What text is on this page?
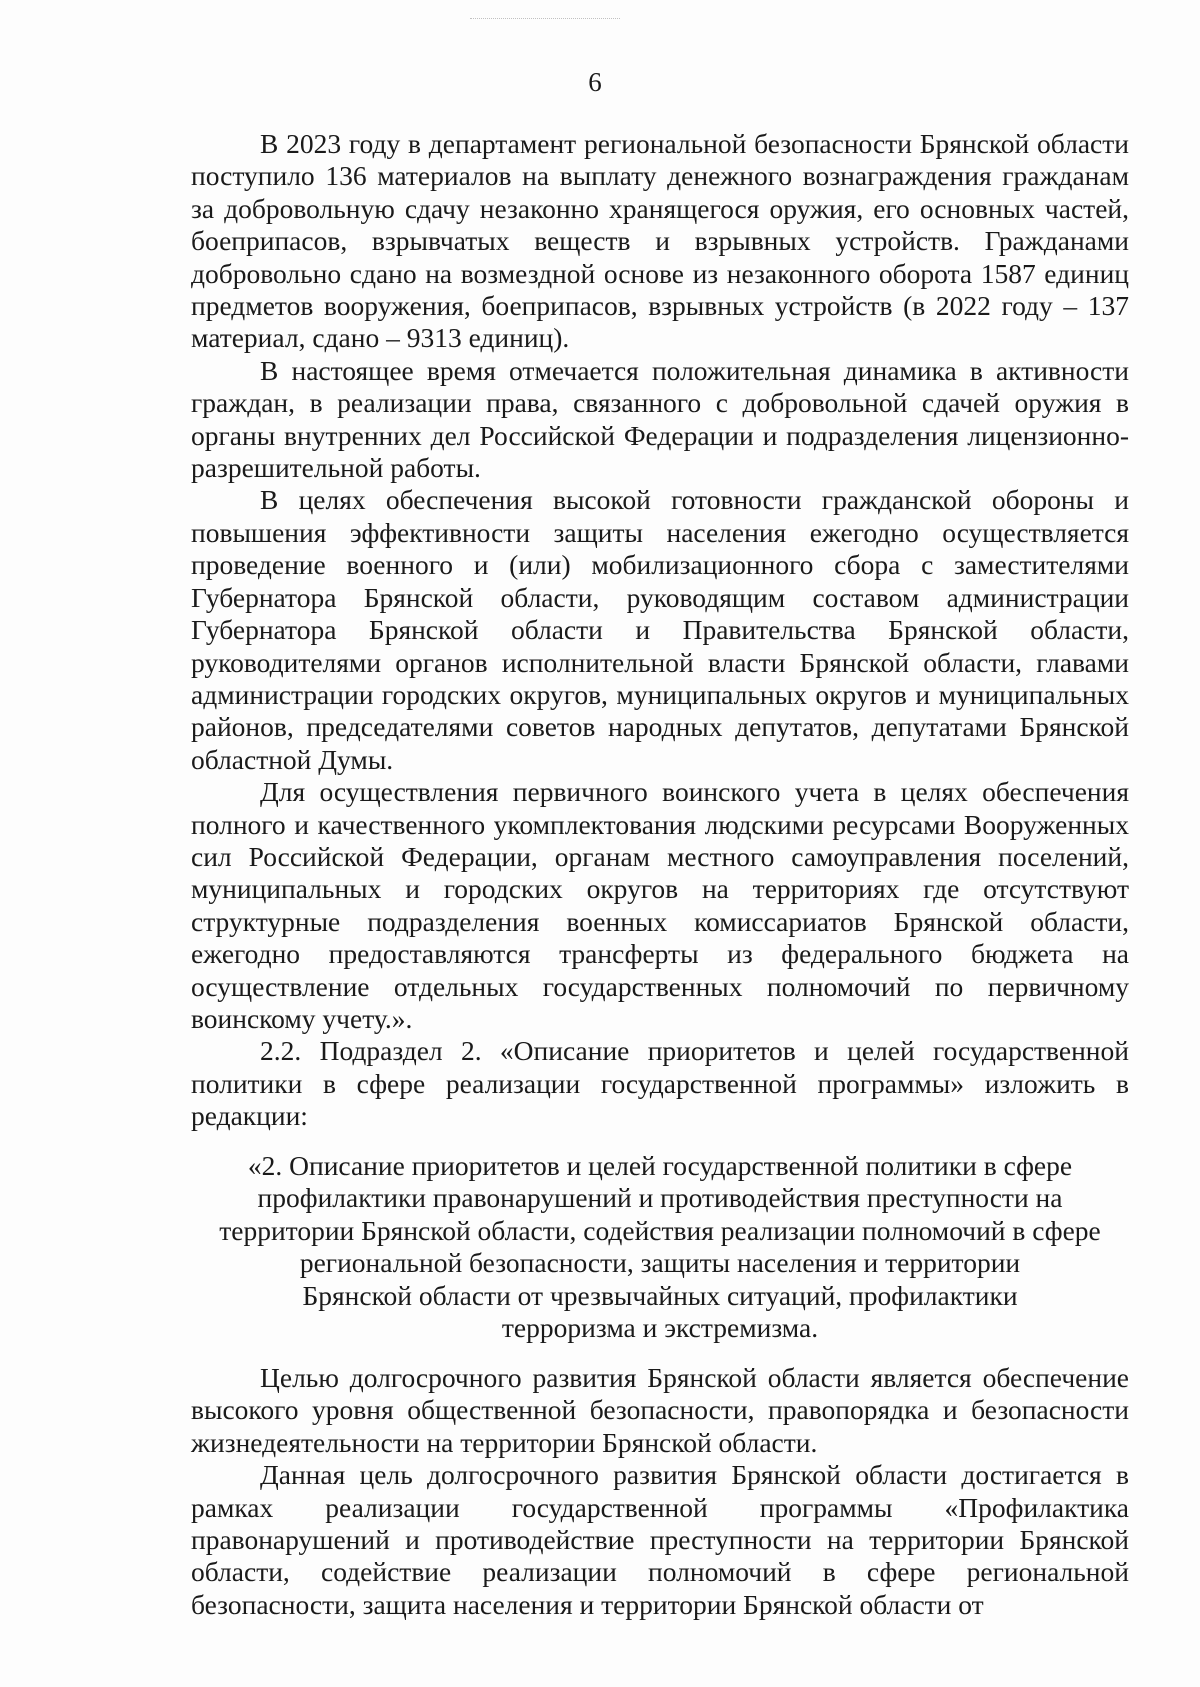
6

В 2023 году в департамент региональной безопасности Брянской области поступило 136 материалов на выплату денежного вознаграждения гражданам за добровольную сдачу незаконно хранящегося оружия, его основных частей, боеприпасов, взрывчатых веществ и взрывных устройств. Гражданами добровольно сдано на возмездной основе из незаконного оборота 1587 единиц предметов вооружения, боеприпасов, взрывных устройств (в 2022 году – 137 материал, сдано – 9313 единиц).

В настоящее время отмечается положительная динамика в активности граждан, в реализации права, связанного с добровольной сдачей оружия в органы внутренних дел Российской Федерации и подразделения лицензионно-разрешительной работы.

В целях обеспечения высокой готовности гражданской обороны и повышения эффективности защиты населения ежегодно осуществляется проведение военного и (или) мобилизационного сбора с заместителями Губернатора Брянской области, руководящим составом администрации Губернатора Брянской области и Правительства Брянской области, руководителями органов исполнительной власти Брянской области, главами администрации городских округов, муниципальных округов и муниципальных районов, председателями советов народных депутатов, депутатами Брянской областной Думы.

Для осуществления первичного воинского учета в целях обеспечения полного и качественного укомплектования людскими ресурсами Вооруженных сил Российской Федерации, органам местного самоуправления поселений, муниципальных и городских округов на территориях где отсутствуют структурные подразделения военных комиссариатов Брянской области, ежегодно предоставляются трансферты из федерального бюджета на осуществление отдельных государственных полномочий по первичному воинскому учету.».

2.2. Подраздел 2. «Описание приоритетов и целей государственной политики в сфере реализации государственной программы» изложить в редакции:

«2. Описание приоритетов и целей государственной политики в сфере
профилактики правонарушений и противодействия преступности на
территории Брянской области, содействия реализации полномочий в сфере
региональной безопасности, защиты населения и территории
Брянской области от чрезвычайных ситуаций, профилактики
терроризма и экстремизма.

Целью долгосрочного развития Брянской области является обеспечение высокого уровня общественной безопасности, правопорядка и безопасности жизнедеятельности на территории Брянской области.

Данная цель долгосрочного развития Брянской области достигается в рамках реализации государственной программы «Профилактика правонарушений и противодействие преступности на территории Брянской области, содействие реализации полномочий в сфере региональной безопасности, защита населения и территории Брянской области от
